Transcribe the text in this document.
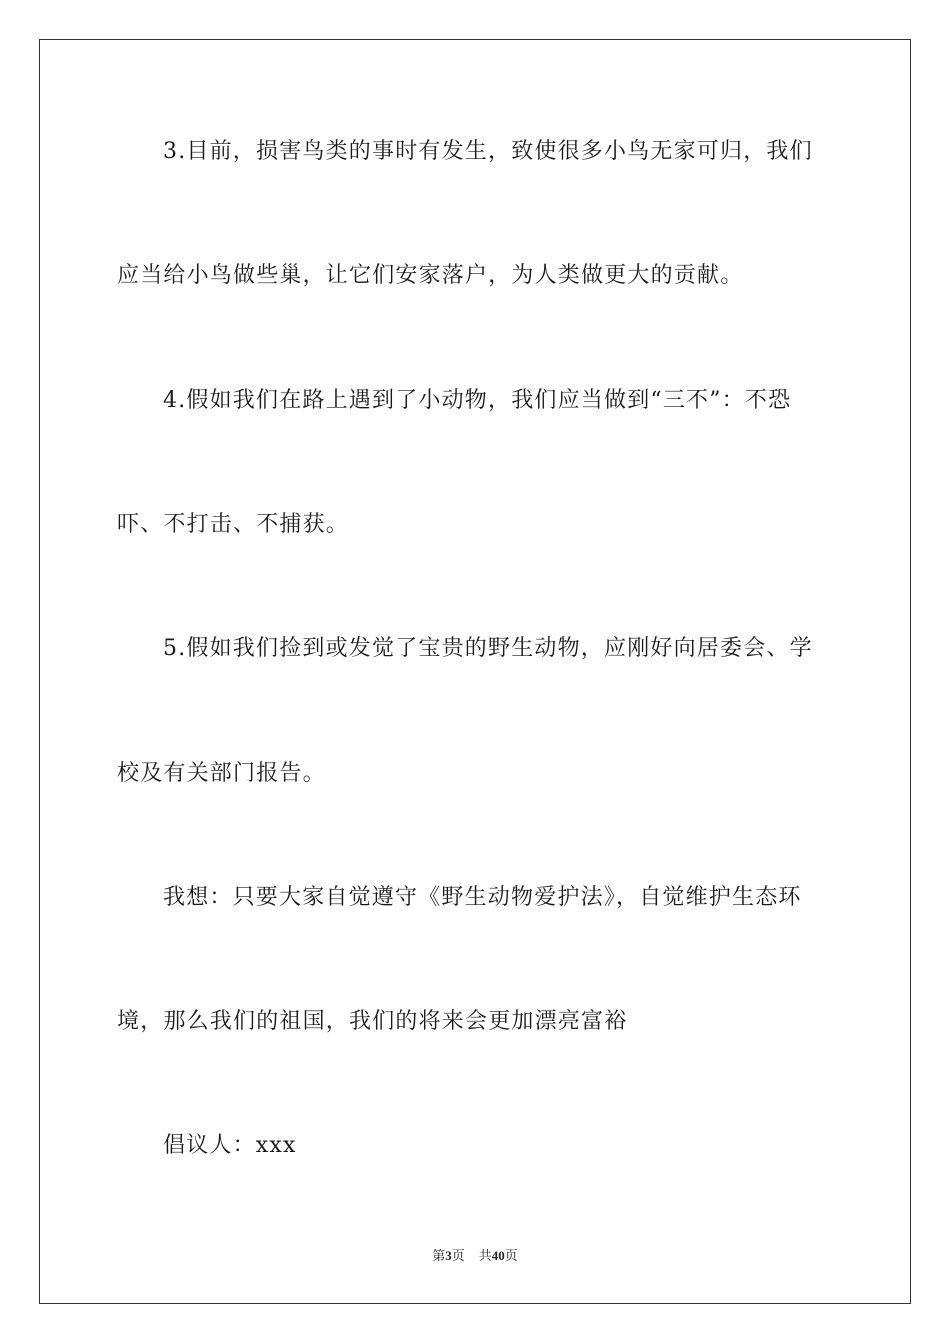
3.目前，损害鸟类的事时有发生，致使很多小鸟无家可归，我们
应当给小鸟做些巢，让它们安家落户，为人类做更大的贡献。
4.假如我们在路上遇到了小动物，我们应当做到“三不”：不恐
吓、不打击、不捕获。
5.假如我们捡到或发觉了宝贵的野生动物，应刚好向居委会、学
校及有关部门报告。
我想：只要大家自觉遵守《野生动物爱护法》，自觉维护生态环
境，那么我们的祖国，我们的将来会更加漂亮富裕
倡议人：xxx
第3页 共40页
